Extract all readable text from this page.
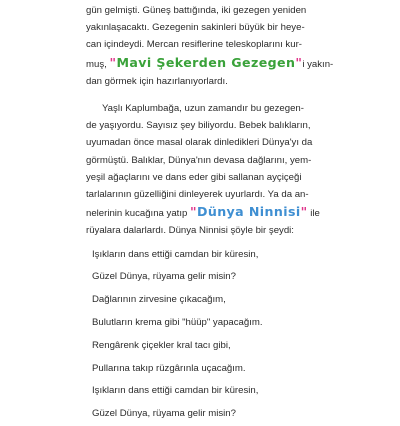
gün gelmişti. Güneş battığında, iki gezegen yeniden
yakınlaşacaktı. Gezegenin sakinleri büyük bir heye-
can içindeydi. Mercan resiflerine teleskoplarını kur-
muş, "Mavi Şekerden Gezegen"i yakın-
dan görmek için hazırlanıyorlardı.
Yaşlı Kaplumbağa, uzun zamandır bu gezegen-
de yaşıyordu. Sayısız şey biliyordu. Bebek balıkların,
uyumadan önce masal olarak dinledikleri Dünya'yı da
görmüştü. Balıklar, Dünya'nın devasa dağlarını, yem-
yeşil ağaçlarını ve dans eder gibi sallanan ayçiçeği
tarlalarının güzelliğini dinleyerek uyurlardı. Ya da an-
nelerinin kucağına yatıp "Dünya Ninnisi" ile
rüyalara dalarlardı. Dünya Ninnisi şöyle bir şeydi:
Işıkların dans ettiği camdan bir küresin,
Güzel Dünya, rüyama gelir misin?
Dağlarının zirvesine çıkacağım,
Bulutların krema gibi "hüüp" yapacağım.
Rengârenk çiçekler kral tacı gibi,
Pullarına takıp rüzgârınla uçacağım.
Işıkların dans ettiği camdan bir küresin,
Güzel Dünya, rüyama gelir misin?
